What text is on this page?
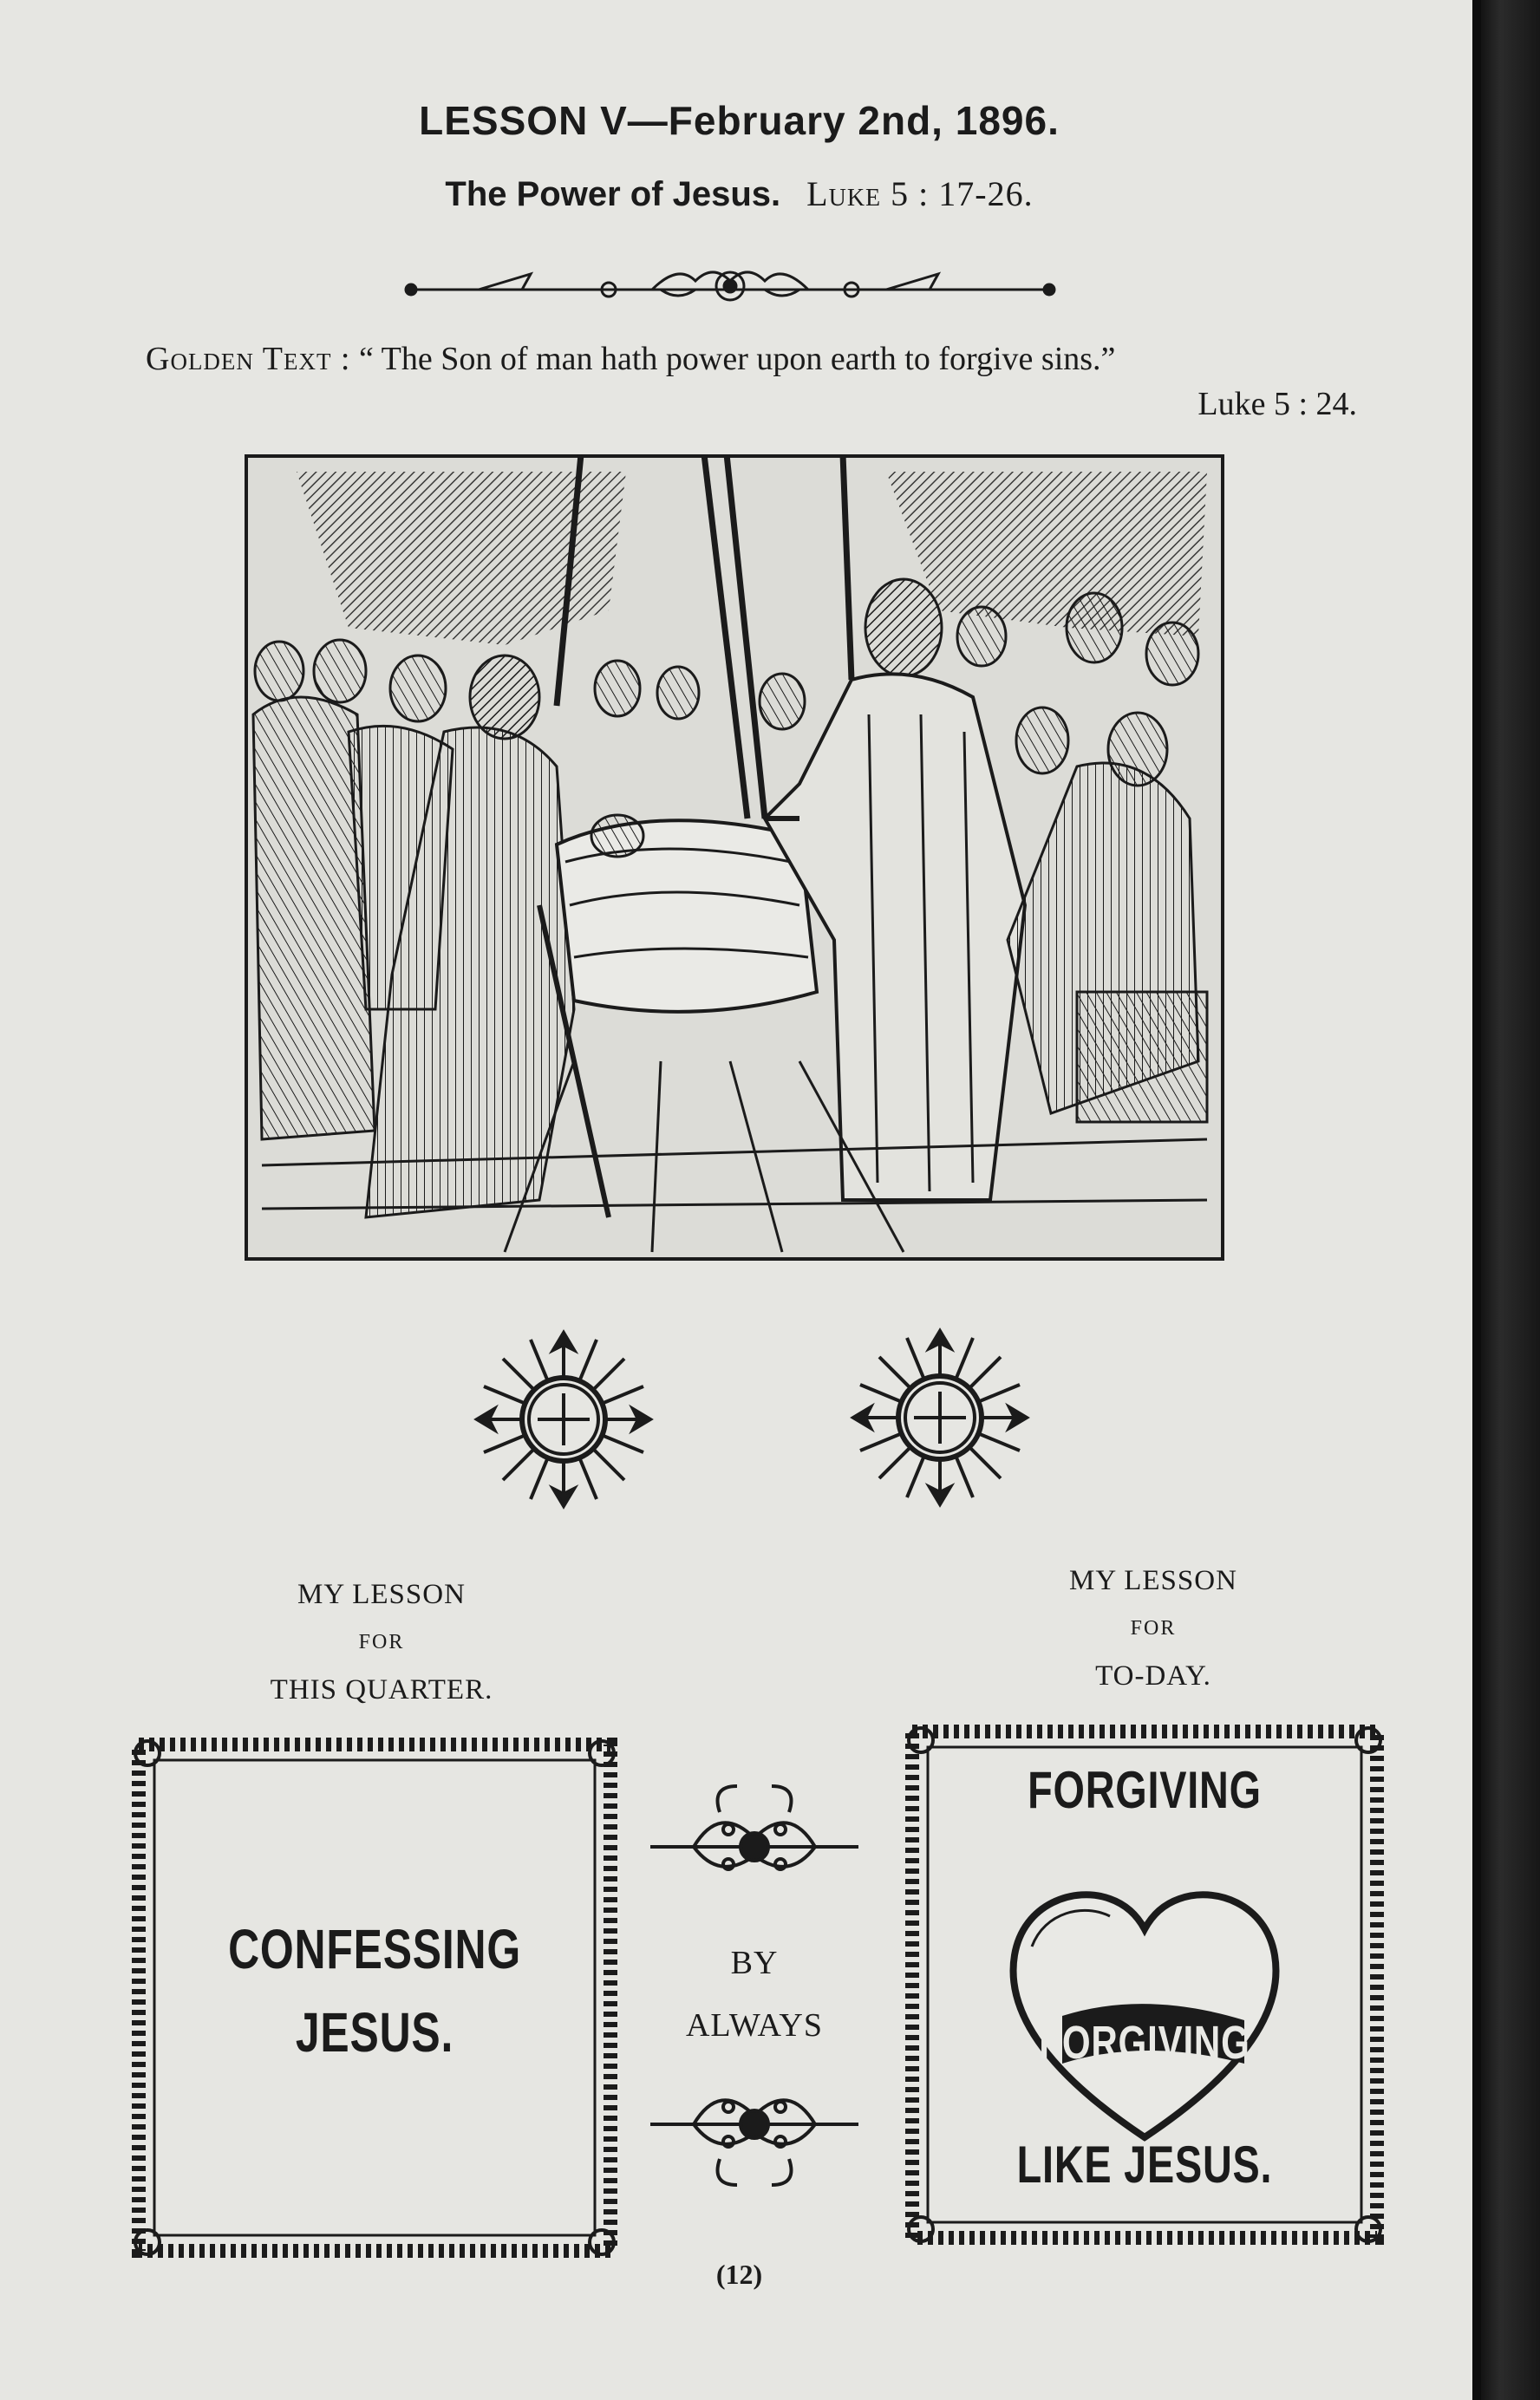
LESSON V—February 2nd, 1896.
The Power of Jesus. Luke 5 : 17-26.
Golden Text : “ The Son of man hath power upon earth to forgive sins.”
Luke 5 : 24.
MY LESSON
FOR
THIS QUARTER.
MY LESSON
FOR
TO-DAY.
CONFESSING
JESUS.
BY
ALWAYS
FORGIVING
FORGIVING
LIKE JESUS.
(12)
